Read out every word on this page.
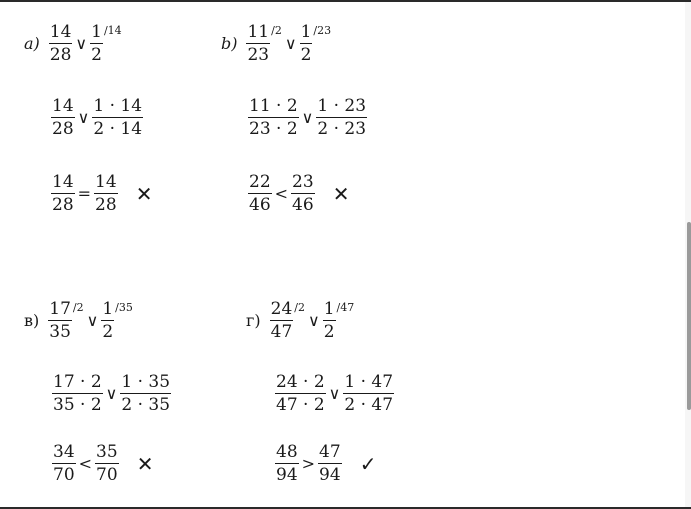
$a) \frac{14}{28}$ ∨ $\frac{1}{2} /14$
$\frac{14}{28}$ ∨ $\frac{1 \cdot 14}{2 \cdot 14}$
$\frac{14}{28} = \frac{14}{28}$ ✕
$b) \frac{11}{23} /2$
∨ $\frac{1}{2} /23$
$\frac{11 \cdot 2}{23 \cdot 2}$ ∨ $\frac{1 \cdot 23}{2 \cdot 23}$
$\frac{22}{46} < \frac{23}{46}$ ✕
$в) \frac{17}{35} /2$
∨ $\frac{1}{2} /35$
$\frac{17 \cdot 2}{35 \cdot 2}$ ∨ $\frac{1 \cdot 35}{2 \cdot 35}$
$\frac{34}{70} < \frac{35}{70}$ ✕
$г) \frac{24}{47} /2$
∨ $\frac{1}{2} /47$
$\frac{24 \cdot 2}{47 \cdot 2}$ ∨ $\frac{1 \cdot 47}{2 \cdot 47}$
$\frac{48}{94} > \frac{47}{94}$ ✓
